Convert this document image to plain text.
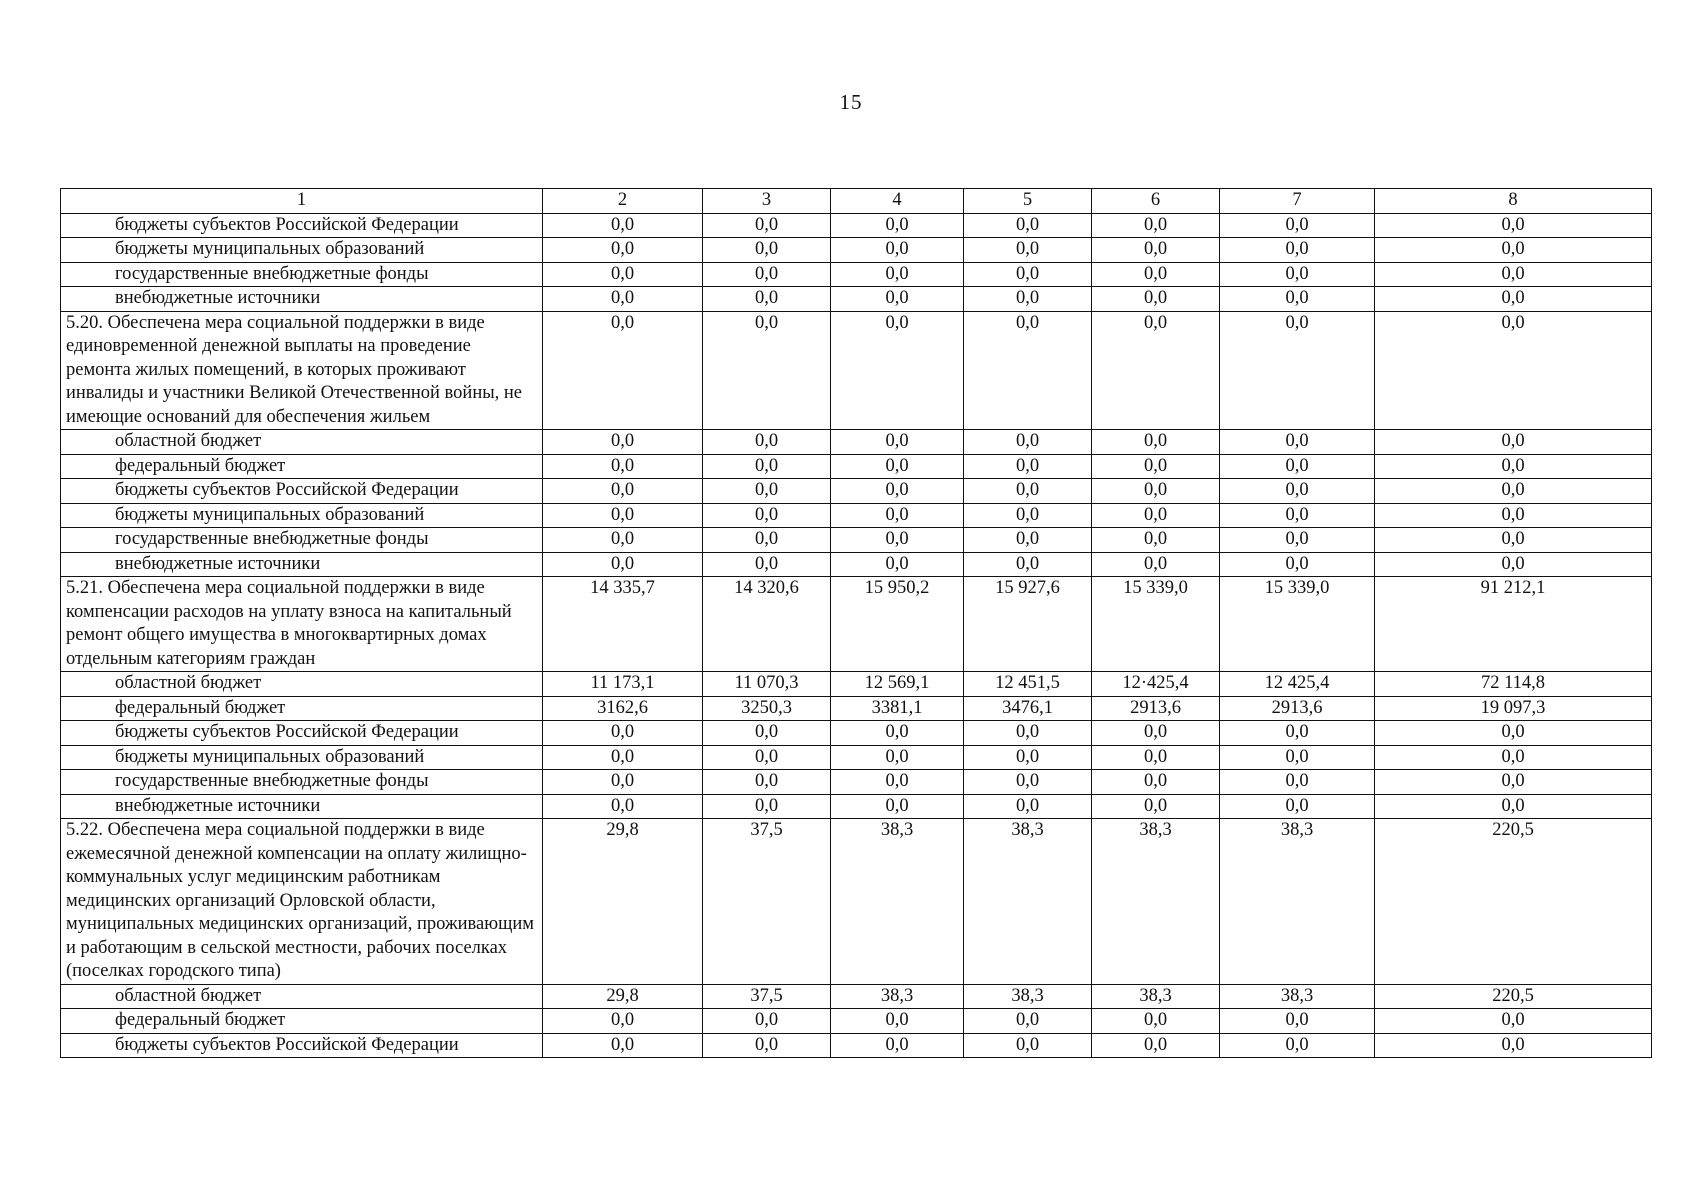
15
1	2	3	4	5	6	7	8
бюджеты субъектов Российской Федерации	0,0	0,0	0,0	0,0	0,0	0,0	0,0
бюджеты муниципальных образований	0,0	0,0	0,0	0,0	0,0	0,0	0,0
государственные внебюджетные фонды	0,0	0,0	0,0	0,0	0,0	0,0	0,0
внебюджетные источники	0,0	0,0	0,0	0,0	0,0	0,0	0,0
5.20. Обеспечена мера социальной поддержки в виде единовременной денежной выплаты на проведение ремонта жилых помещений, в которых проживают инвалиды и участники Великой Отечественной войны, не имеющие оснований для обеспечения жильем	0,0	0,0	0,0	0,0	0,0	0,0	0,0
областной бюджет	0,0	0,0	0,0	0,0	0,0	0,0	0,0
федеральный бюджет	0,0	0,0	0,0	0,0	0,0	0,0	0,0
бюджеты субъектов Российской Федерации	0,0	0,0	0,0	0,0	0,0	0,0	0,0
бюджеты муниципальных образований	0,0	0,0	0,0	0,0	0,0	0,0	0,0
государственные внебюджетные фонды	0,0	0,0	0,0	0,0	0,0	0,0	0,0
внебюджетные источники	0,0	0,0	0,0	0,0	0,0	0,0	0,0
5.21. Обеспечена мера социальной поддержки в виде компенсации расходов на уплату взноса на капитальный ремонт общего имущества в многоквартирных домах отдельным категориям граждан	14 335,7	14 320,6	15 950,2	15 927,6	15 339,0	15 339,0	91 212,1
областной бюджет	11 173,1	11 070,3	12 569,1	12 451,5	12·425,4	12 425,4	72 114,8
федеральный бюджет	3162,6	3250,3	3381,1	3476,1	2913,6	2913,6	19 097,3
бюджеты субъектов Российской Федерации	0,0	0,0	0,0	0,0	0,0	0,0	0,0
бюджеты муниципальных образований	0,0	0,0	0,0	0,0	0,0	0,0	0,0
государственные внебюджетные фонды	0,0	0,0	0,0	0,0	0,0	0,0	0,0
внебюджетные источники	0,0	0,0	0,0	0,0	0,0	0,0	0,0
5.22. Обеспечена мера социальной поддержки в виде ежемесячной денежной компенсации на оплату жилищно-коммунальных услуг медицинским работникам медицинских организаций Орловской области, муниципальных медицинских организаций, проживающим и работающим в сельской местности, рабочих поселках (поселках городского типа)	29,8	37,5	38,3	38,3	38,3	38,3	220,5
областной бюджет	29,8	37,5	38,3	38,3	38,3	38,3	220,5
федеральный бюджет	0,0	0,0	0,0	0,0	0,0	0,0	0,0
бюджеты субъектов Российской Федерации	0,0	0,0	0,0	0,0	0,0	0,0	0,0
